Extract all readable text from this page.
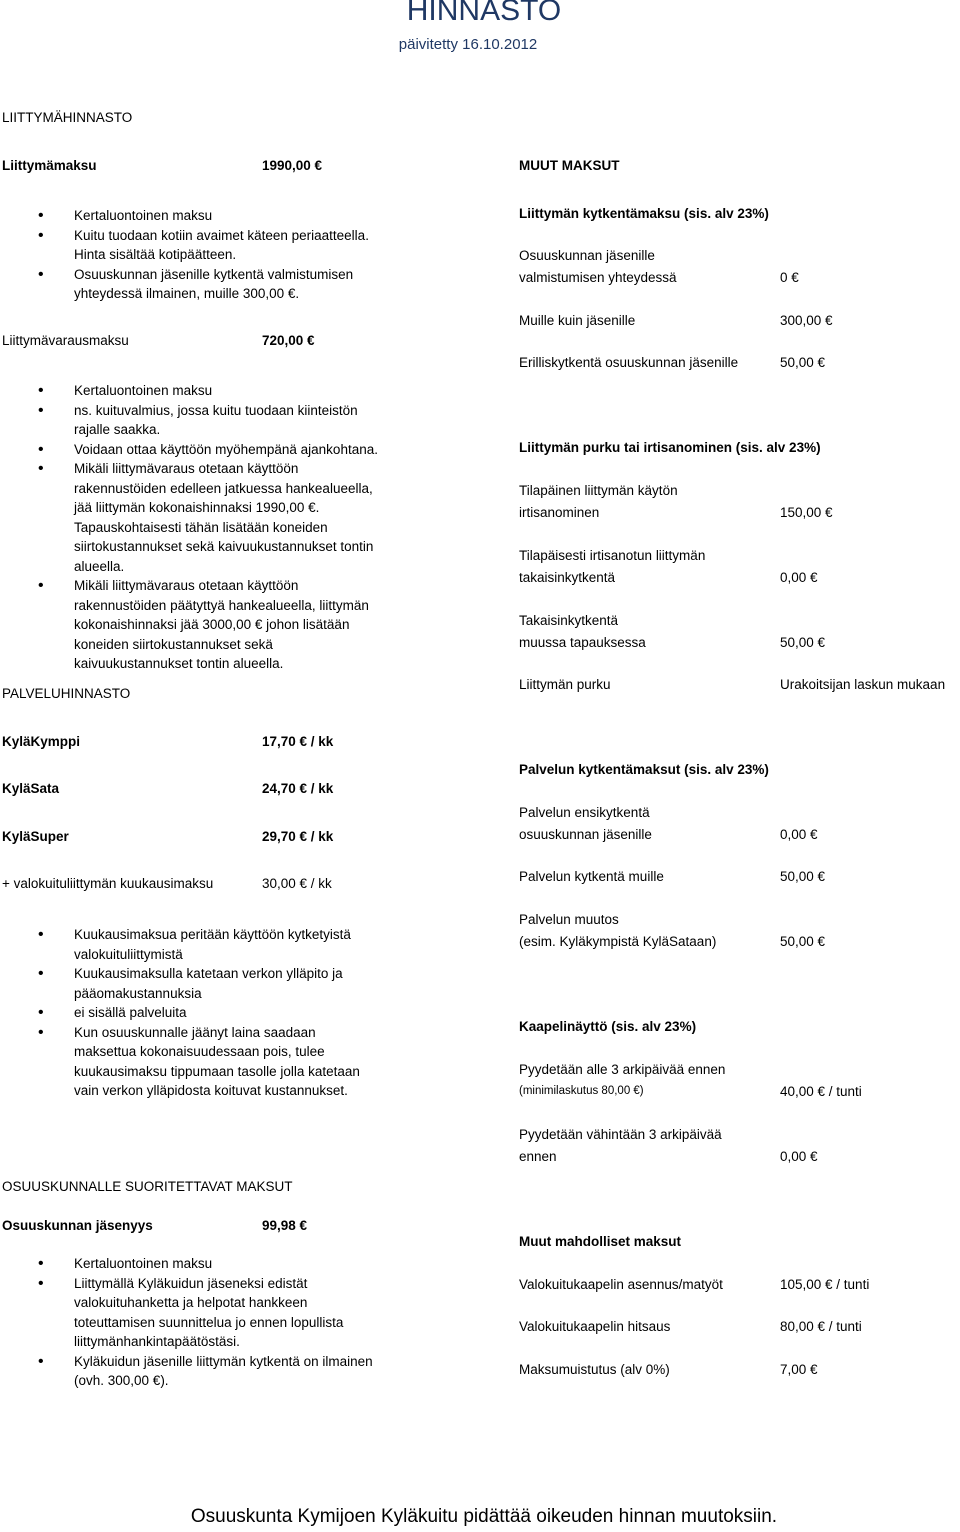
HINNASTO
päivitetty 16.10.2012
LIITTYMÄHINNASTO
Liittymämaksu	1990,00 €
• Kertaluontoinen maksu
• Kuitu tuodaan kotiin avaimet käteen periaatteella. Hinta sisältää kotipäätteen.
• Osuuskunnan jäsenille kytkentä valmistumisen yhteydessä ilmainen, muille 300,00 €.
Liittymävarausmaksu	720,00 €
• Kertaluontoinen maksu
• ns. kuituvalmius, jossa kuitu tuodaan kiinteistön rajalle saakka.
• Voidaan ottaa käyttöön myöhempänä ajankohtana.
• Mikäli liittymävaraus otetaan käyttöön rakennustöiden edelleen jatkuessa hankealueella, jää liittymän kokonaishinnaksi 1990,00 €. Tapauskohtaisesti tähän lisätään koneiden siirtokustannukset sekä kaivuukustannukset tontin alueella.
• Mikäli liittymävaraus otetaan käyttöön rakennustöiden päätyttyä hankealueella, liittymän kokonaishinnaksi jää 3000,00 € johon lisätään koneiden siirtokustannukset sekä kaivuukustannukset tontin alueella.
PALVELUHINNASTO
KyläKymppi	17,70 € / kk
KyläSata	24,70 € / kk
KyläSuper	29,70 € / kk
+ valokuituliittymän kuukausimaksu	30,00 € / kk
• Kuukausimaksua peritään käyttöön kytketyistä valokuituliittymistä
• Kuukausimaksulla katetaan verkon ylläpito ja pääomakustannuksia
• ei sisällä palveluita
• Kun osuuskunnalle jäänyt laina saadaan maksettua kokonaisuudessaan pois, tulee kuukausimaksu tippumaan tasolle jolla katetaan vain verkon ylläpidosta koituvat kustannukset.
OSUUSKUNNALLE SUORITETTAVAT MAKSUT
Osuuskunnan jäsenyys	99,98 €
• Kertaluontoinen maksu
• Liittymällä Kyläkuidun jäseneksi edistät valokuituhanketta ja helpotat hankkeen toteuttamisen suunnittelua jo ennen lopullista liittymänhankintapäätöstäsi.
• Kyläkuidun jäsenille liittymän kytkentä on ilmainen (ovh. 300,00 €).
MUUT MAKSUT
Liittymän kytkentämaksu (sis. alv 23%)
Osuuskunnan jäsenille
valmistumisen yhteydessä	0 €
Muille kuin jäsenille	300,00 €
Erilliskytkentä osuuskunnan jäsenille	50,00 €
Liittymän purku tai irtisanominen (sis. alv 23%)
Tilapäinen liittymän käytön
irtisanominen	150,00 €
Tilapäisesti irtisanotun liittymän
takaisinkytkentä	0,00 €
Takaisinkytkentä
muussa tapauksessa	50,00 €
Liittymän purku	Urakoitsijan laskun mukaan
Palvelun kytkentämaksut (sis. alv 23%)
Palvelun ensikytkentä
osuuskunnan jäsenille	0,00 €
Palvelun kytkentä muille	50,00 €
Palvelun muutos
(esim. Kyläkympistä KyläSataan)	50,00 €
Kaapelinäyttö (sis. alv 23%)
Pyydetään alle 3 arkipäivää ennen
(minimilaskutus 80,00 €)	40,00 € / tunti
Pyydetään vähintään 3 arkipäivää
ennen	0,00 €
Muut mahdolliset maksut
Valokuitukaapelin asennus/matyöt	105,00 € / tunti
Valokuitukaapelin hitsaus	80,00 € / tunti
Maksumuistutus (alv 0%)	7,00 €
Osuuskunta Kymijoen Kyläkuitu pidättää oikeuden hinnan muutoksiin.
